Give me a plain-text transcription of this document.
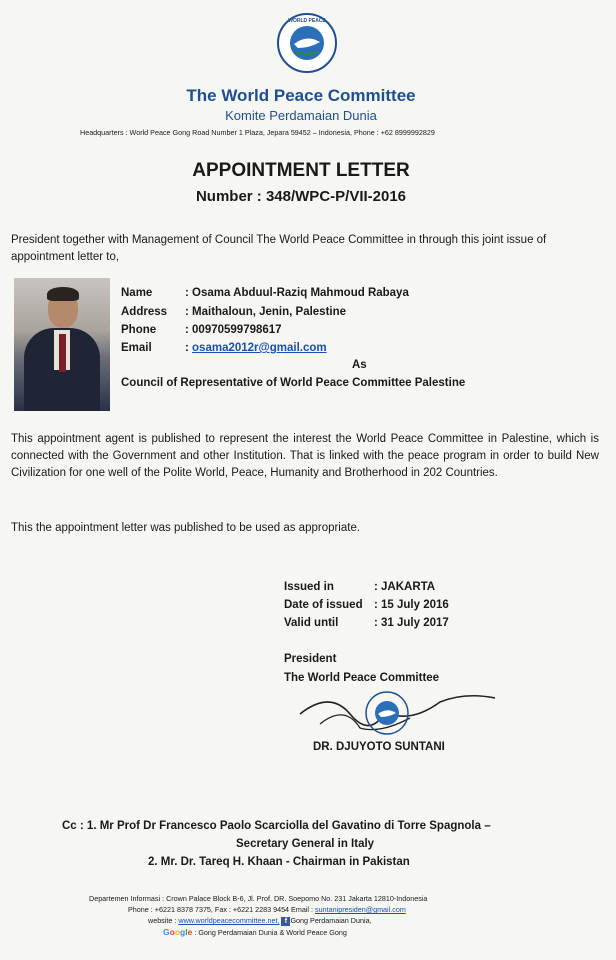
WORLD PEACE
The World Peace Committee
Komite Perdamaian Dunia
Headquarters : World Peace Gong Road Number 1 Plaza, Jepara 59452 – Indonesia, Phone : +62 8999992829
APPOINTMENT LETTER
Number : 348/WPC-P/VII-2016
President together with Management of Council The World Peace Committee in through this joint issue of appointment letter to,
Name	: Osama Abduul-Raziq Mahmoud Rabaya
Address : Maithaloun, Jenin, Palestine
Phone	: 00970599798617
Email	: osama2012r@gmail.com
As
Council of Representative of World Peace Committee Palestine
This appointment agent is published to represent the interest the World Peace Committee in Palestine, which is connected with the Government and other Institution. That is linked with the peace program in order to build New Civilization for one well of the Polite World, Peace, Humanity and Brotherhood in 202 Countries.
This the appointment letter was published to be used as appropriate.
Issued in	: JAKARTA
Date of issued : 15 July 2016
Valid until	: 31 July 2017
President
The World Peace Committee
DR. DJUYOTO SUNTANI
Cc : 1. Mr Prof Dr Francesco Paolo Scarciolla del Gavatino di Torre Spagnola –
Secretary General in Italy
2. Mr. Dr. Tareq H. Khaan - Chairman in Pakistan
Departemen Informasi : Crown Palace Block B-6, Jl. Prof. DR. Soepomo No. 231 Jakarta 12810-Indonesia
Phone : +6221 8378 7375, Fax : +6221 2283 9454 Email : suntanipresiden@gmail.com
website : www.worldpeacecommittee.net, f Gong Perdamaian Dunia,
Google : Gong Perdamaian Dunia & World Peace Gong
